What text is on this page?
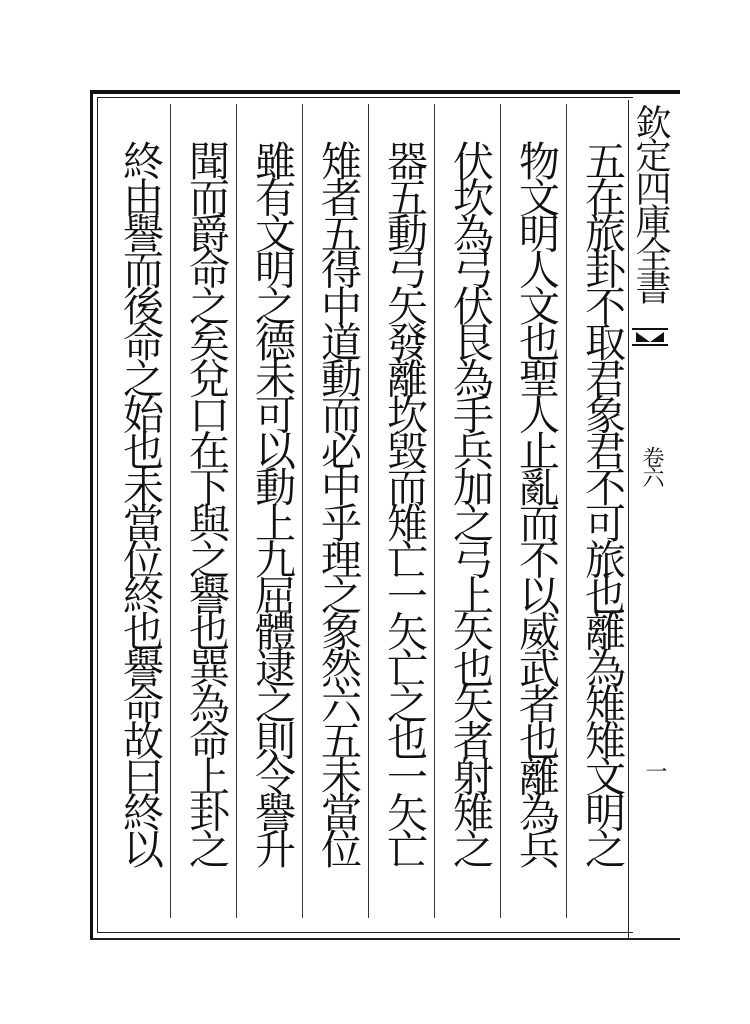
欽定四庫全書
卷六
一
五在旅卦不取君象君不可旅也離為雉雉文明之
物文明人文也聖人止亂而不以威武者也離為兵
伏坎為弓伏艮為手兵加之弓上矢也矢者射雉之
器五動弓矢發離坎毀而雉亡一矢亡之也一矢亡
雉者五得中道動而必中乎理之象然六五未當位
雖有文明之德未可以動上九屈體逮之則令譽升
聞而爵命之矣兌口在下與之譽也巽為命上卦之
終由譽而後命之始也未當位終也譽命故曰終以
